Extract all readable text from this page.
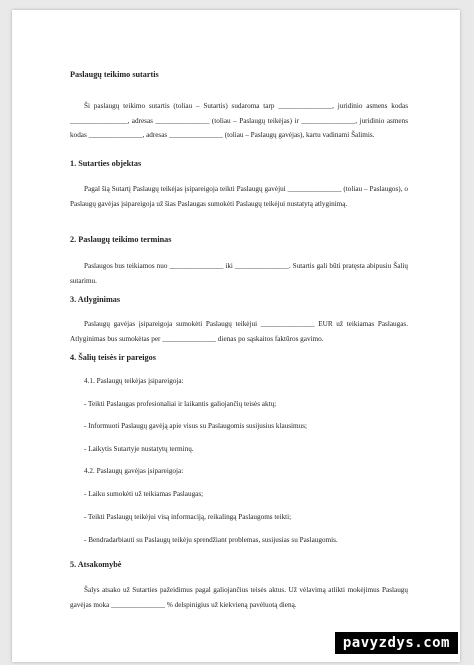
Paslaugų teikimo sutartis
Ši paslaugų teikimo sutartis (toliau – Sutartis) sudaroma tarp _______________, juridinio asmens kodas ________________, adresas _______________ (toliau – Paslaugų teikėjas) ir _______________, juridinio asmens kodas _______________, adresas _______________ (toliau – Paslaugų gavėjas), kartu vadinami Šalimis.
1. Sutarties objektas
Pagal šią Sutartį Paslaugų teikėjas įsipareigoja teikti Paslaugų gavėjui _______________ (toliau – Paslaugos), o Paslaugų gavėjas įsipareigoja už šias Paslaugas sumokėti Paslaugų teikėjui nustatytą atlyginimą.
2. Paslaugų teikimo terminas
Paslaugos bus teikiamos nuo _______________ iki _______________. Sutartis gali būti pratęsta abipusiu Šalių sutarimu.
3. Atlyginimas
Paslaugų gavėjas įsipareigoja sumokėti Paslaugų teikėjui _______________ EUR už teikiamas Paslaugas. Atlyginimas bus sumokėtas per _______________ dienas po sąskaitos faktūros gavimo.
4. Šalių teisės ir pareigos
4.1. Paslaugų teikėjas įsipareigoja:
- Teikti Paslaugas profesionaliai ir laikantis galiojančių teisės aktų;
- Informuoti Paslaugų gavėją apie visus su Paslaugomis susijusius klausimus;
- Laikytis Sutartyje nustatytų terminų.
4.2. Paslaugų gavėjas įsipareigoja:
- Laiku sumokėti už teikiamas Paslaugas;
- Teikti Paslaugų teikėjui visą informaciją, reikalingą Paslaugoms teikti;
- Bendradarbiauti su Paslaugų teikėju sprendžiant problemas, susijusias su Paslaugomis.
5. Atsakomybė
Šalys atsako už Sutarties pažeidimus pagal galiojančius teisės aktus. Už vėlavimą atlikti mokėjimus Paslaugų gavėjas moka _______________ % delspinigius už kiekvieną pavėluotą dieną.
pavyzdys.com
